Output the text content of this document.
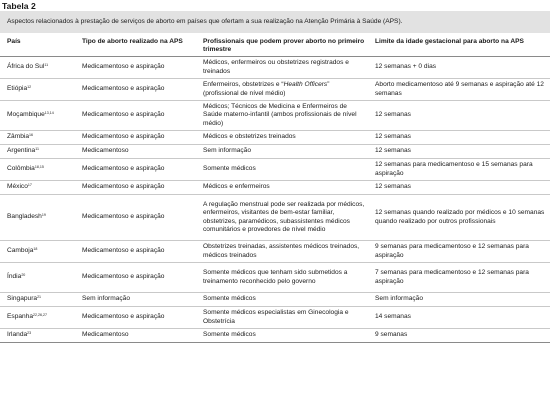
Tabela 2
Aspectos relacionados à prestação de serviços de aborto em países que ofertam a sua realização na Atenção Primária à Saúde (APS).
País	Tipo de aborto realizado na APS	Profissionais que podem prover aborto no primeiro trimestre	Limite da idade gestacional para aborto na APS
África do Sul$^{11}$	Medicamentoso e aspiração	Médicos, enfermeiros ou obstetrizes registrados e treinados	12 semanas + 0 dias
Etiópia$^{12}$	Medicamentoso e aspiração	Enfermeiros, obstetrizes e “Health Officers” (profissional de nível médio)	Aborto medicamentoso até 9 semanas e aspiração até 12 semanas
Moçambique$^{13,14}$	Medicamentoso e aspiração	Médicos; Técnicos de Medicina e Enfermeiros de Saúde materno-infantil (ambos profissionais de nível médio)	12 semanas
Zâmbia$^{16}$	Medicamentoso e aspiração	Médicos e obstetrizes treinados	12 semanas
Argentina$^{11}$	Medicamentoso	Sem informação	12 semanas
Colômbia$^{18,15}$	Medicamentoso e aspiração	Somente médicos	12 semanas para medicamentoso e 15 semanas para aspiração
México$^{17}$	Medicamentoso e aspiração	Médicos e enfermeiros	12 semanas
Bangladesh$^{19}$	Medicamentoso e aspiração	A regulação menstrual pode ser realizada por médicos, enfermeiros, visitantes de bem-estar familiar, obstetrizes, paramédicos, subassistentes médicos comunitários e provedores de nível médio	12 semanas quando realizado por médicos e 10 semanas quando realizado por outros profissionais
Camboja$^{18}$	Medicamentoso e aspiração	Obstetrizes treinadas, assistentes médicos treinados, médicos treinados	9 semanas para medicamentoso e 12 semanas para aspiração
Índia$^{20}$	Medicamentoso e aspiração	Somente médicos que tenham sido submetidos a treinamento reconhecido pelo governo	7 semanas para medicamentoso e 12 semanas para aspiração
Singapura$^{21}$	Sem informação	Somente médicos	Sem informação
Espanha$^{22,26,27}$	Medicamentoso e aspiração	Somente médicos especialistas em Ginecologia e Obstetrícia	14 semanas
Irlanda$^{23}$	Medicamentoso	Somente médicos	9 semanas
